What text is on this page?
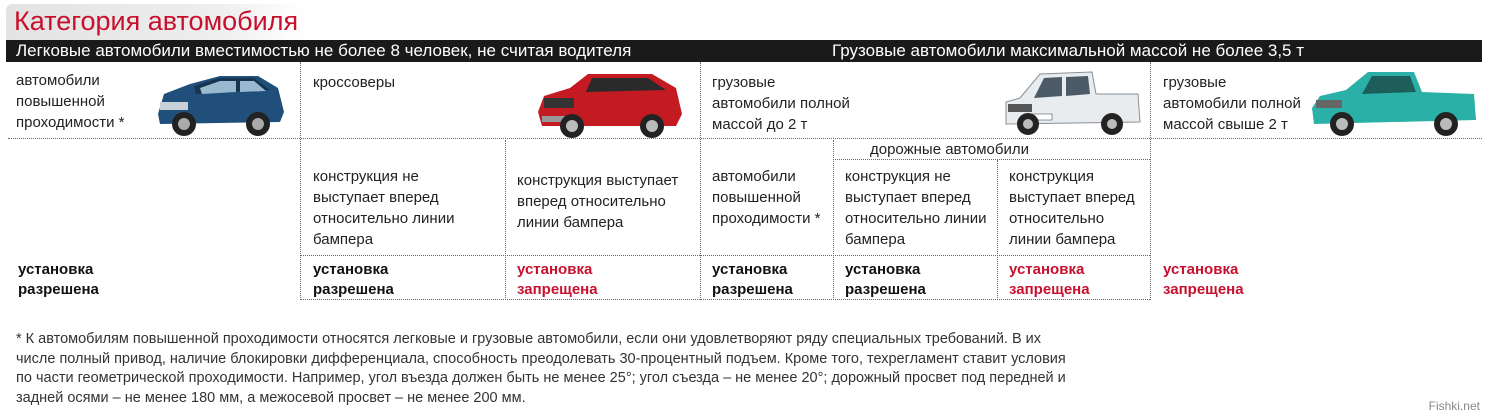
Категория автомобиля
Легковые автомобили вместимостью не более 8 человек, не считая водителя	Грузовые автомобили максимальной массой не более 3,5 т
автомобили повышенной проходимости *
кроссоверы	грузовые автомобили полной массой до 2 т
грузовые автомобили полной массой свыше 2 т
дорожные автомобили
конструкция не выступает вперед относительно линии бампера
конструкция выступает вперед относительно линии бампера
автомобили повышенной проходимости *
конструкция не выступает вперед относительно линии бампера
конструкция выступает вперед относительно линии бампера
установка разрешена
установка разрешена
установка запрещена
установка разрешена
установка разрешена
установка запрещена
установка запрещена
* К автомобилям повышенной проходимости относятся легковые и грузовые автомобили, если они удовлетворяют ряду специальных требований. В их числе полный привод, наличие блокировки дифференциала, способность преодолевать 30-процентный подъем. Кроме того, техрегламент ставит условия по части геометрической проходимости. Например, угол въезда должен быть не менее 25°; угол съезда – не менее 20°; дорожный просвет под передней и задней осями – не менее 180 мм, а межосевой просвет – не менее 200 мм.
Fishki.net
